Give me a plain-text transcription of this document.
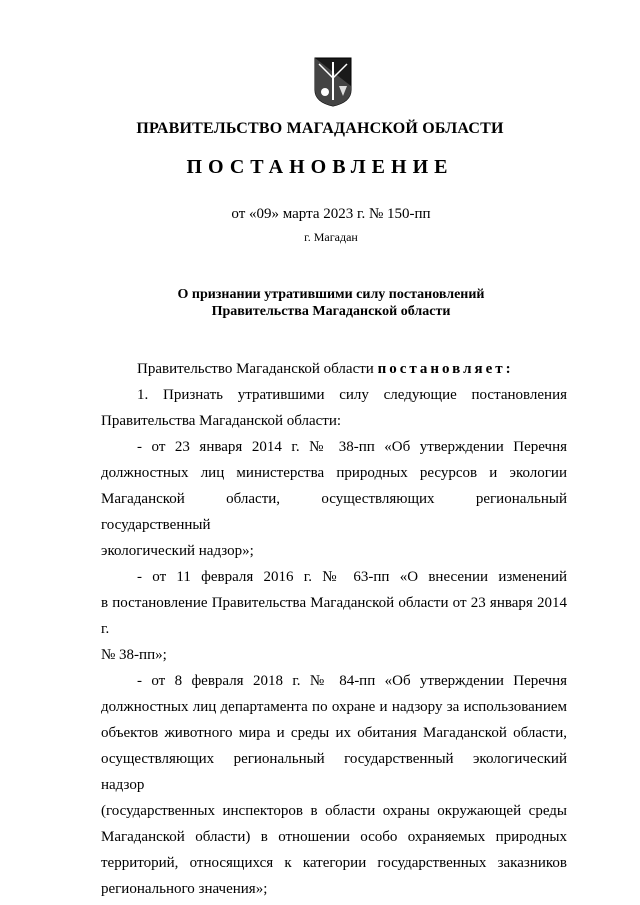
ПРАВИТЕЛЬСТВО МАГАДАНСКОЙ ОБЛАСТИ
ПОСТАНОВЛЕНИЕ
от «09» марта 2023 г. № 150-пп
г. Магадан
О признании утратившими силу постановлений
Правительства Магаданской области

Правительство Магаданской области постановляет:

1. Признать утратившими силу следующие постановления
Правительства Магаданской области:
- от 23 января 2014 г. № 38-пп «Об утверждении Перечня
должностных лиц министерства природных ресурсов и экологии
Магаданской области, осуществляющих региональный государственный
экологический надзор»;
- от 11 февраля 2016 г. № 63-пп «О внесении изменений
в постановление Правительства Магаданской области от 23 января 2014 г.
№ 38-пп»;
- от 8 февраля 2018 г. № 84-пп «Об утверждении Перечня
должностных лиц департамента по охране и надзору за использованием
объектов животного мира и среды их обитания Магаданской области,
осуществляющих региональный государственный экологический надзор
(государственных инспекторов в области охраны окружающей среды
Магаданской области) в отношении особо охраняемых природных
территорий, относящихся к категории государственных заказников
регионального значения»;
